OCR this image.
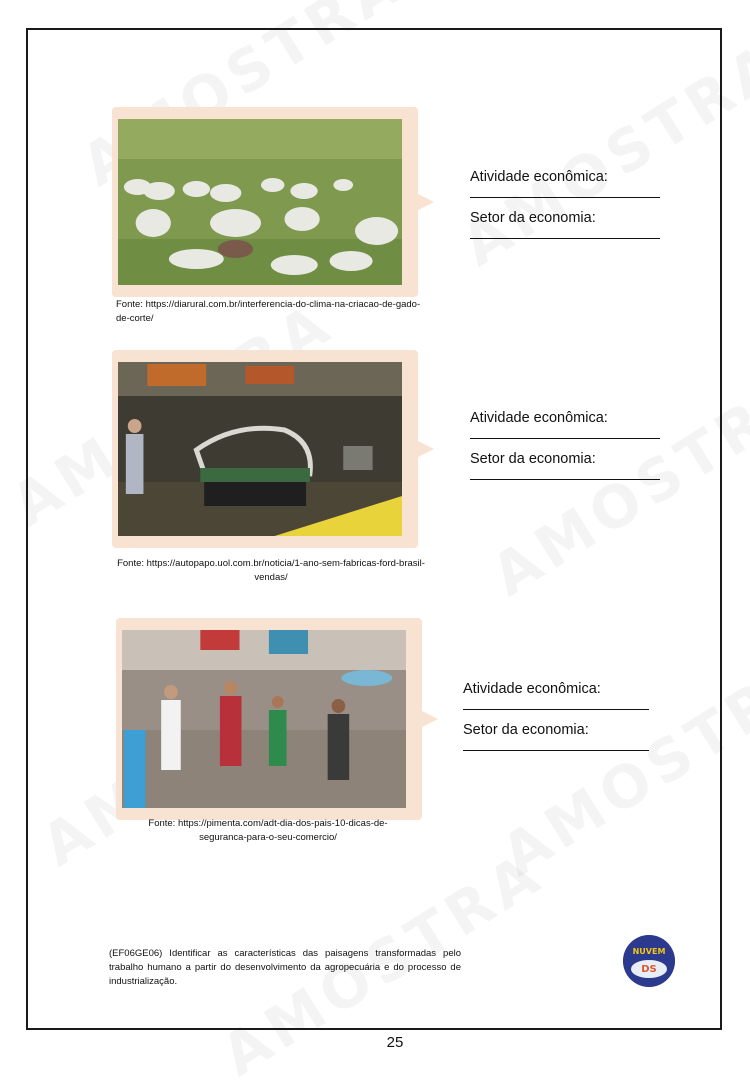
Fonte: https://diarural.com.br/interferencia-do-clima-na-criacao-de-gado-de-corte/
Atividade econômica:
Setor da economia:
Fonte: https://autopapo.uol.com.br/noticia/1-ano-sem-fabricas-ford-brasil-vendas/
Atividade econômica:
Setor da economia:
Fonte: https://pimenta.com/adt-dia-dos-pais-10-dicas-de-seguranca-para-o-seu-comercio/
Atividade econômica:
Setor da economia:
(EF06GE06) Identificar as características das paisagens transformadas pelo trabalho humano a partir do desenvolvimento da agropecuária e do processo de industrialização.
NUVEM
DS
25
